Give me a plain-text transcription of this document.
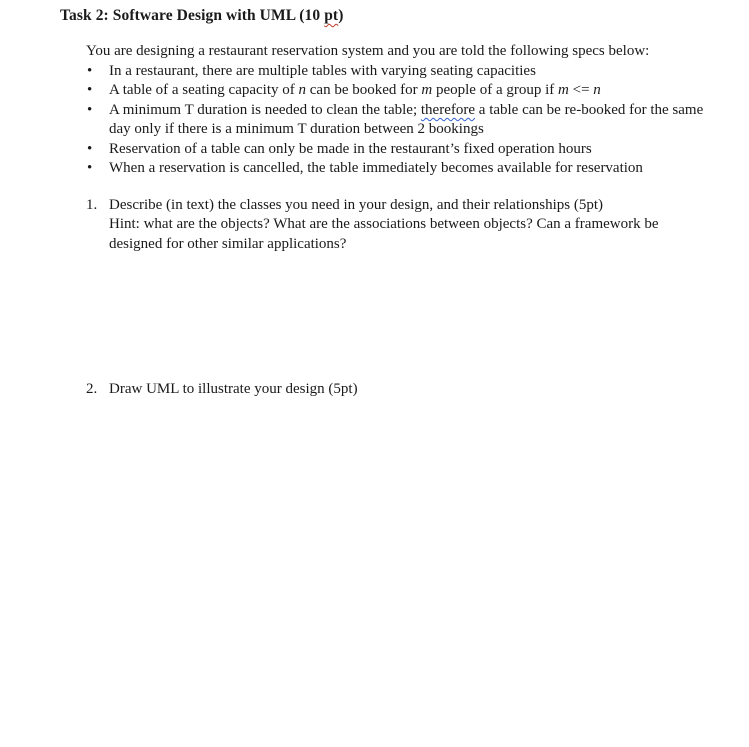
Task 2: Software Design with UML (10 pt)
You are designing a restaurant reservation system and you are told the following specs below:
• In a restaurant, there are multiple tables with varying seating capacities
• A table of a seating capacity of n can be booked for m people of a group if m <= n
• A minimum T duration is needed to clean the table; therefore a table can be re-booked for the same day only if there is a minimum T duration between 2 bookings
• Reservation of a table can only be made in the restaurant’s fixed operation hours
• When a reservation is cancelled, the table immediately becomes available for reservation
1. Describe (in text) the classes you need in your design, and their relationships (5pt)
Hint: what are the objects? What are the associations between objects? Can a framework be designed for other similar applications?
2. Draw UML to illustrate your design (5pt)
